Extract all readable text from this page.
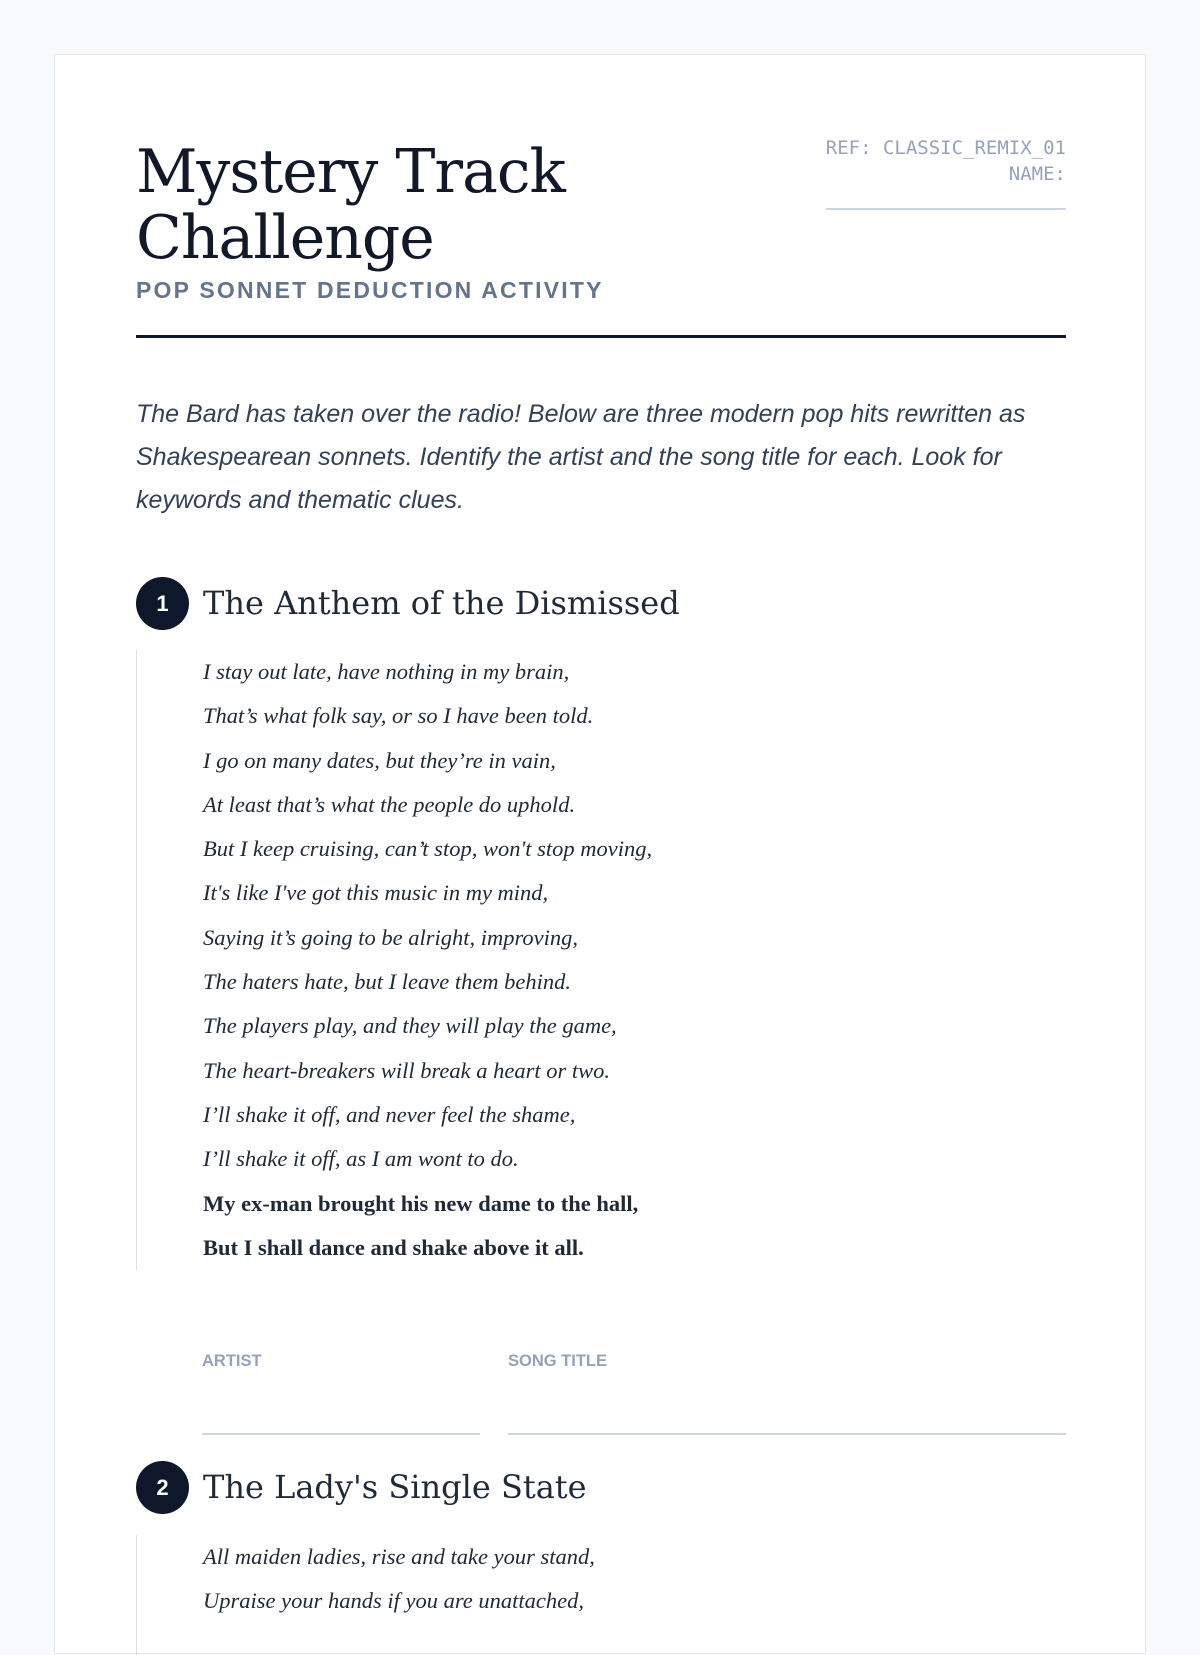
Mystery Track Challenge
POP SONNET DEDUCTION ACTIVITY
REF: CLASSIC_REMIX_01
NAME:

The Bard has taken over the radio! Below are three modern pop hits rewritten as Shakespearean sonnets. Identify the artist and the song title for each. Look for keywords and thematic clues.

1	The Anthem of the Dismissed
I stay out late, have nothing in my brain,
That’s what folk say, or so I have been told.
I go on many dates, but they’re in vain,
At least that’s what the people do uphold.
But I keep cruising, can’t stop, won't stop moving,
It's like I've got this music in my mind,
Saying it’s going to be alright, improving,
The haters hate, but I leave them behind.
The players play, and they will play the game,
The heart-breakers will break a heart or two.
I’ll shake it off, and never feel the shame,
I’ll shake it off, as I am wont to do.
My ex-man brought his new dame to the hall,
But I shall dance and shake above it all.
ARTIST	SONG TITLE
2	The Lady's Single State
All maiden ladies, rise and take your stand,
Upraise your hands if you are unattached,
